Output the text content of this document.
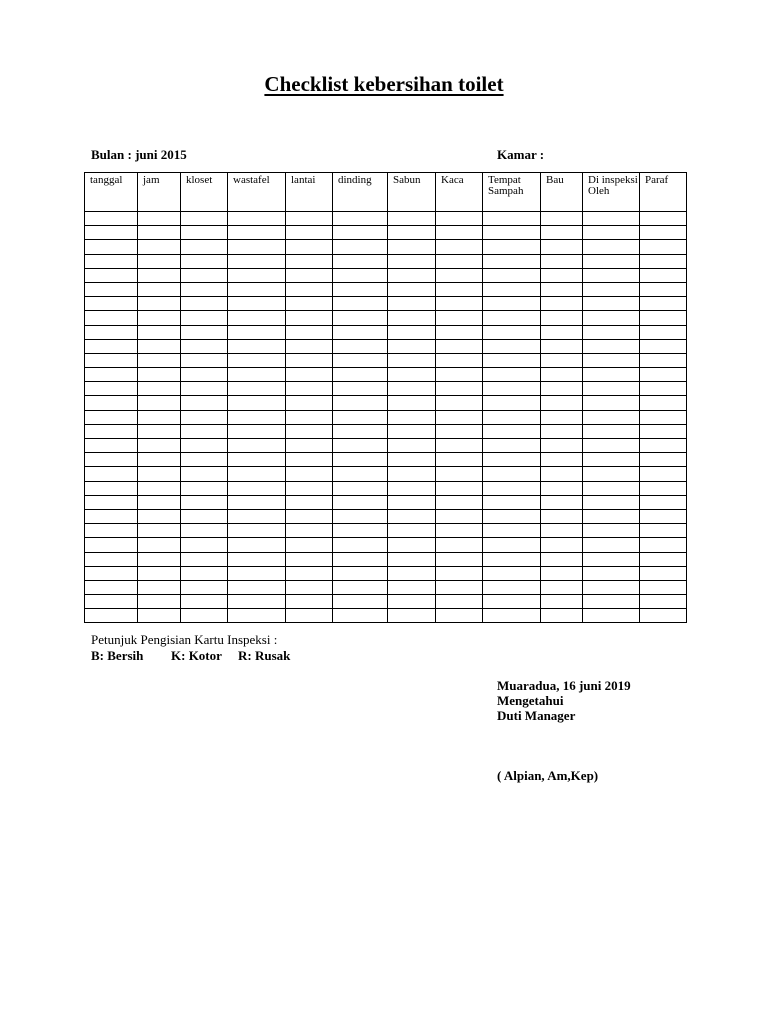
Checklist kebersihan toilet
Bulan : juni 2015	Kamar :
tanggal	jam	kloset	wastafel	lantai	dinding	Sabun	Kaca	Tempat Sampah	Bau	Di inspeksi Oleh	Paraf

Petunjuk Pengisian Kartu Inspeksi :
B: Bersih K: Kotor R: Rusak
Muaradua, 16 juni 2019
Mengetahui
Duti Manager
( Alpian, Am,Kep)
